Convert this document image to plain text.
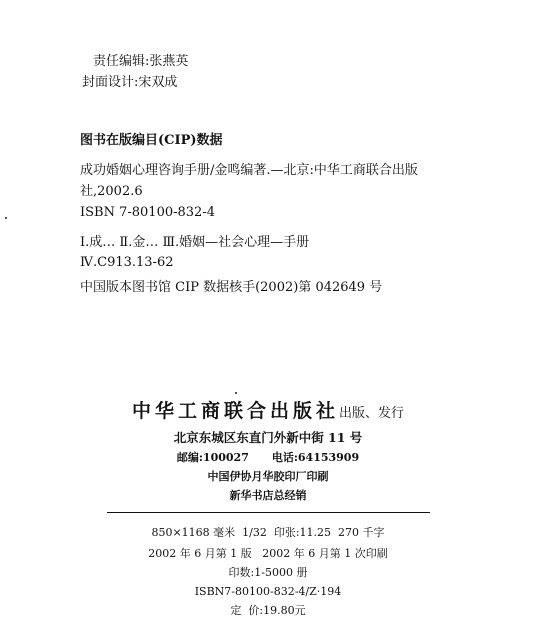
责任编辑:张燕英
封面设计:宋双成
图书在版编目(CIP)数据
成功婚姻心理咨询手册/金鸣编著.—北京:中华工商联合出版
社,2002.6
ISBN 7-80100-832-4
Ⅰ.成… Ⅱ.金… Ⅲ.婚姻—社会心理—手册
Ⅳ.C913.13-62
中国版本图书馆 CIP 数据核手(2002)第 042649 号
中华工商联合出版社出版、发行
北京东城区东直门外新中街 11 号
邮编:100027      电话:64153909
中国伊协月华胶印厂印刷
新华书店总经销
850×1168 毫米  1/32  印张:11.25  270 千字
2002 年 6 月第 1 版   2002 年 6 月第 1 次印刷
印数:1-5000 册
ISBN7-80100-832-4/Z·194
定  价:19.80元
